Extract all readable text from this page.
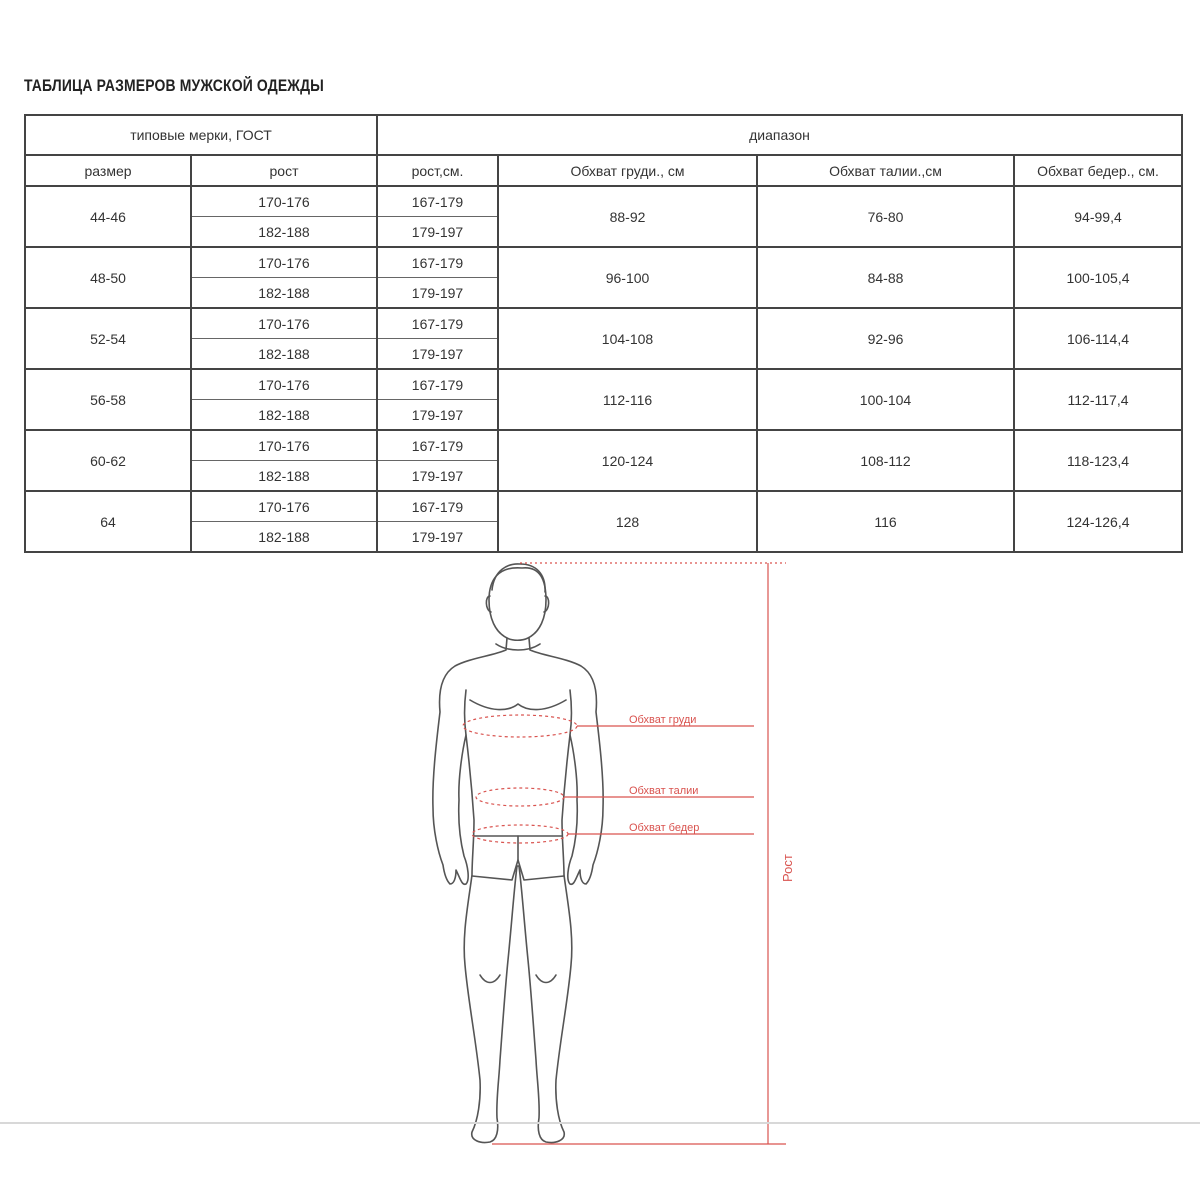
ТАБЛИЦА РАЗМЕРОВ МУЖСКОЙ ОДЕЖДЫ
типовые мерки, ГОСТ		диапазон			
размер	рост	рост,см.	Обхват груди., см	Обхват талии.,см	Обхват бедер., см.
44-46	170-176	167-179	88-92	76-80	94-99,4
	182-188	179-197			
48-50	170-176	167-179	96-100	84-88	100-105,4
	182-188	179-197			
52-54	170-176	167-179	104-108	92-96	106-114,4
	182-188	179-197			
56-58	170-176	167-179	112-116	100-104	112-117,4
	182-188	179-197			
60-62	170-176	167-179	120-124	108-112	118-123,4
	182-188	179-197			
64	170-176	167-179	128	116	124-126,4
	182-188	179-197			
Обхват груди
Обхват талии
Обхват бедер
Рост
